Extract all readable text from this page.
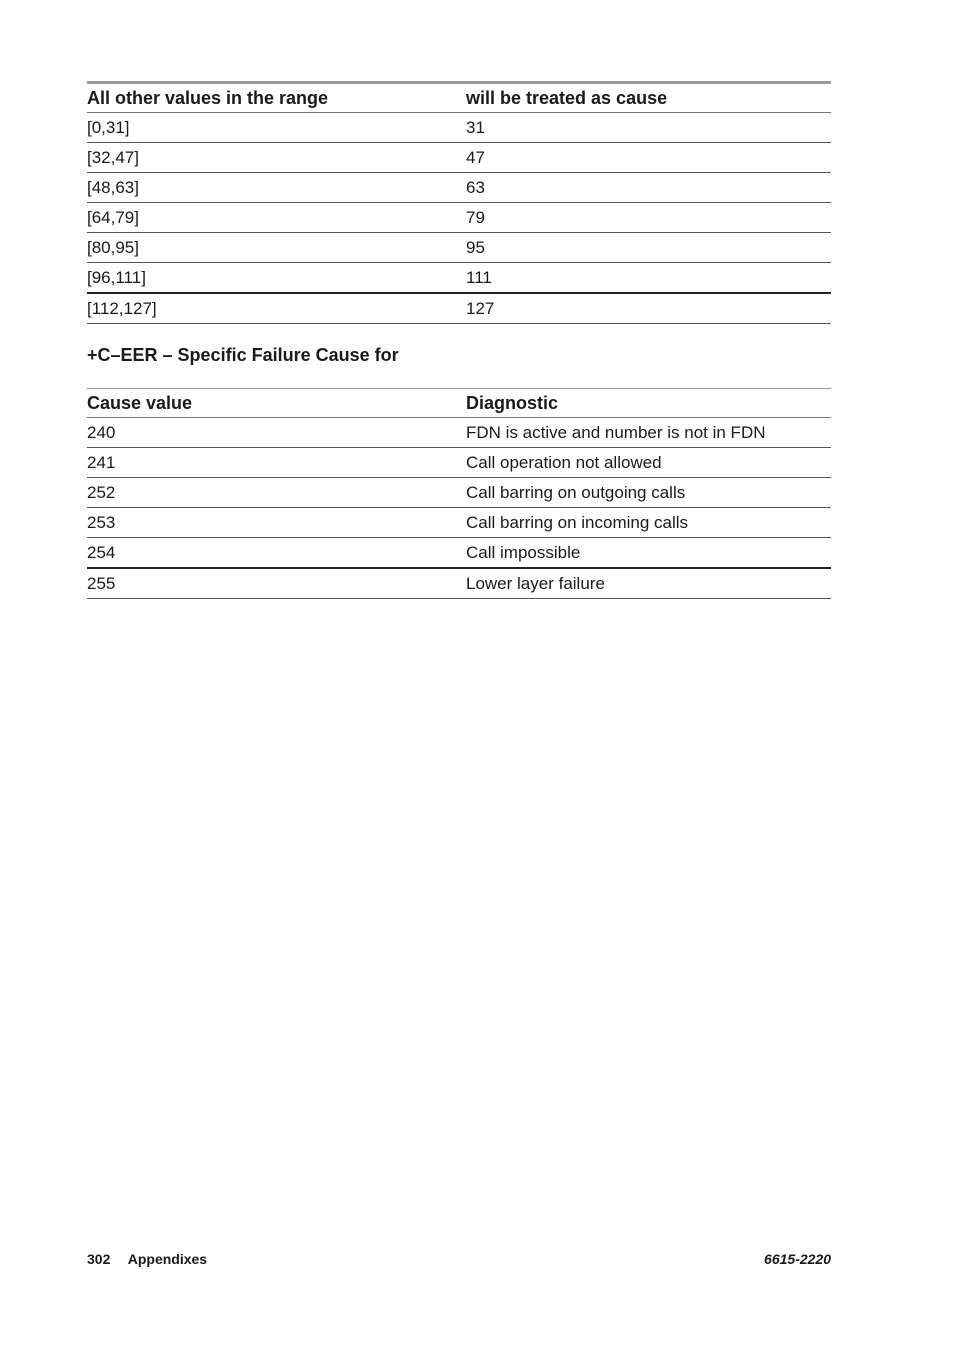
All other values in the range	will be treated as cause
[0,31]	31
[32,47]	47
[48,63]	63
[64,79]	79
[80,95]	95
[96,111]	111
[112,127]	127
+C–EER – Specific Failure Cause for
Cause value	Diagnostic
240	FDN is active and number is not in FDN
241	Call operation not allowed
252	Call barring on outgoing calls
253	Call barring on incoming calls
254	Call impossible
255	Lower layer failure
302 Appendixes	6615-2220
